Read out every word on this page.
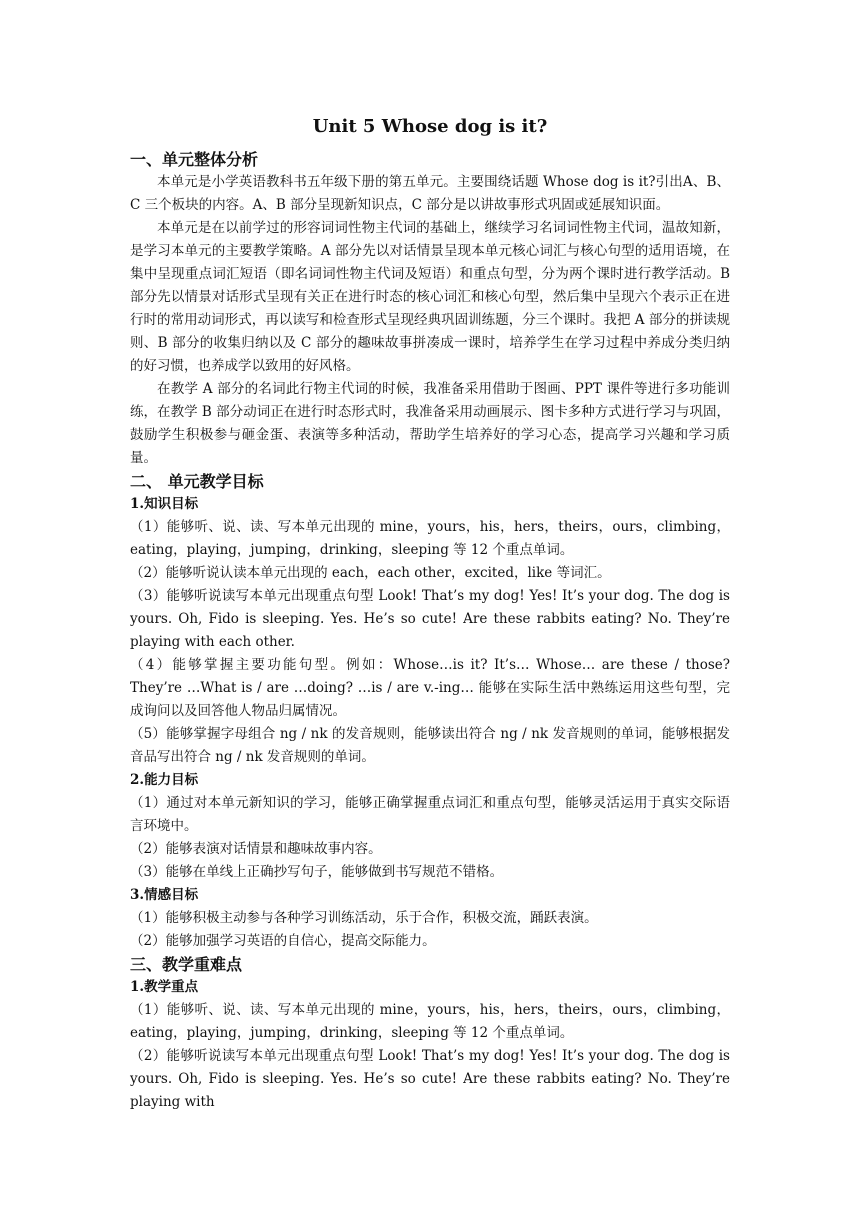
Unit 5 Whose dog is it?
一、单元整体分析

本单元是小学英语教科书五年级下册的第五单元。主要围绕话题 Whose dog is it?引出A、B、C 三个板块的内容。A、B 部分呈现新知识点，C 部分是以讲故事形式巩固或延展知识面。

本单元是在以前学过的形容词词性物主代词的基础上，继续学习名词词性物主代词，温故知新，是学习本单元的主要教学策略。A 部分先以对话情景呈现本单元核心词汇与核心句型的适用语境，在集中呈现重点词汇短语（即名词词性物主代词及短语）和重点句型，分为两个课时进行教学活动。B 部分先以情景对话形式呈现有关正在进行时态的核心词汇和核心句型，然后集中呈现六个表示正在进行时的常用动词形式，再以读写和检查形式呈现经典巩固训练题，分三个课时。我把 A 部分的拼读规则、B 部分的收集归纳以及 C 部分的趣味故事拼凑成一课时，培养学生在学习过程中养成分类归纳的好习惯，也养成学以致用的好风格。

在教学 A 部分的名词此行物主代词的时候，我准备采用借助于图画、PPT 课件等进行多功能训练，在教学 B 部分动词正在进行时态形式时，我准备采用动画展示、图卡多种方式进行学习与巩固，鼓励学生积极参与砸金蛋、表演等多种活动，帮助学生培养好的学习心态，提高学习兴趣和学习质量。

二、 单元教学目标
1.知识目标

（1）能够听、说、读、写本单元出现的 mine，yours，his，hers，theirs，ours，climbing，eating，playing，jumping，drinking，sleeping 等 12 个重点单词。

（2）能够听说认读本单元出现的 each，each other，excited，like 等词汇。

（3）能够听说读写本单元出现重点句型 Look! That’s my dog! Yes! It’s your dog. The dog is yours. Oh, Fido is sleeping. Yes. He’s so cute! Are these rabbits eating? No. They’re playing with each other.

（4）能够掌握主要功能句型。例如：Whose…is it? It’s… Whose… are these / those? They’re …What is / are …doing? …is / are v.-ing… 能够在实际生活中熟练运用这些句型，完成询问以及回答他人物品归属情况。

（5）能够掌握字母组合 ng / nk 的发音规则，能够读出符合 ng / nk 发音规则的单词，能够根据发音品写出符合 ng / nk 发音规则的单词。

2.能力目标

（1）通过对本单元新知识的学习，能够正确掌握重点词汇和重点句型，能够灵活运用于真实交际语言环境中。

（2）能够表演对话情景和趣味故事内容。

（3）能够在单线上正确抄写句子，能够做到书写规范不错格。

3.情感目标

（1）能够积极主动参与各种学习训练活动，乐于合作，积极交流，踊跃表演。

（2）能够加强学习英语的自信心，提高交际能力。

三、教学重难点
1.教学重点

（1）能够听、说、读、写本单元出现的 mine，yours，his，hers，theirs，ours，climbing，eating，playing，jumping，drinking，sleeping 等 12 个重点单词。

（2）能够听说读写本单元出现重点句型 Look! That’s my dog! Yes! It’s your dog. The dog is yours. Oh, Fido is sleeping. Yes. He’s so cute! Are these rabbits eating? No. They’re playing with
